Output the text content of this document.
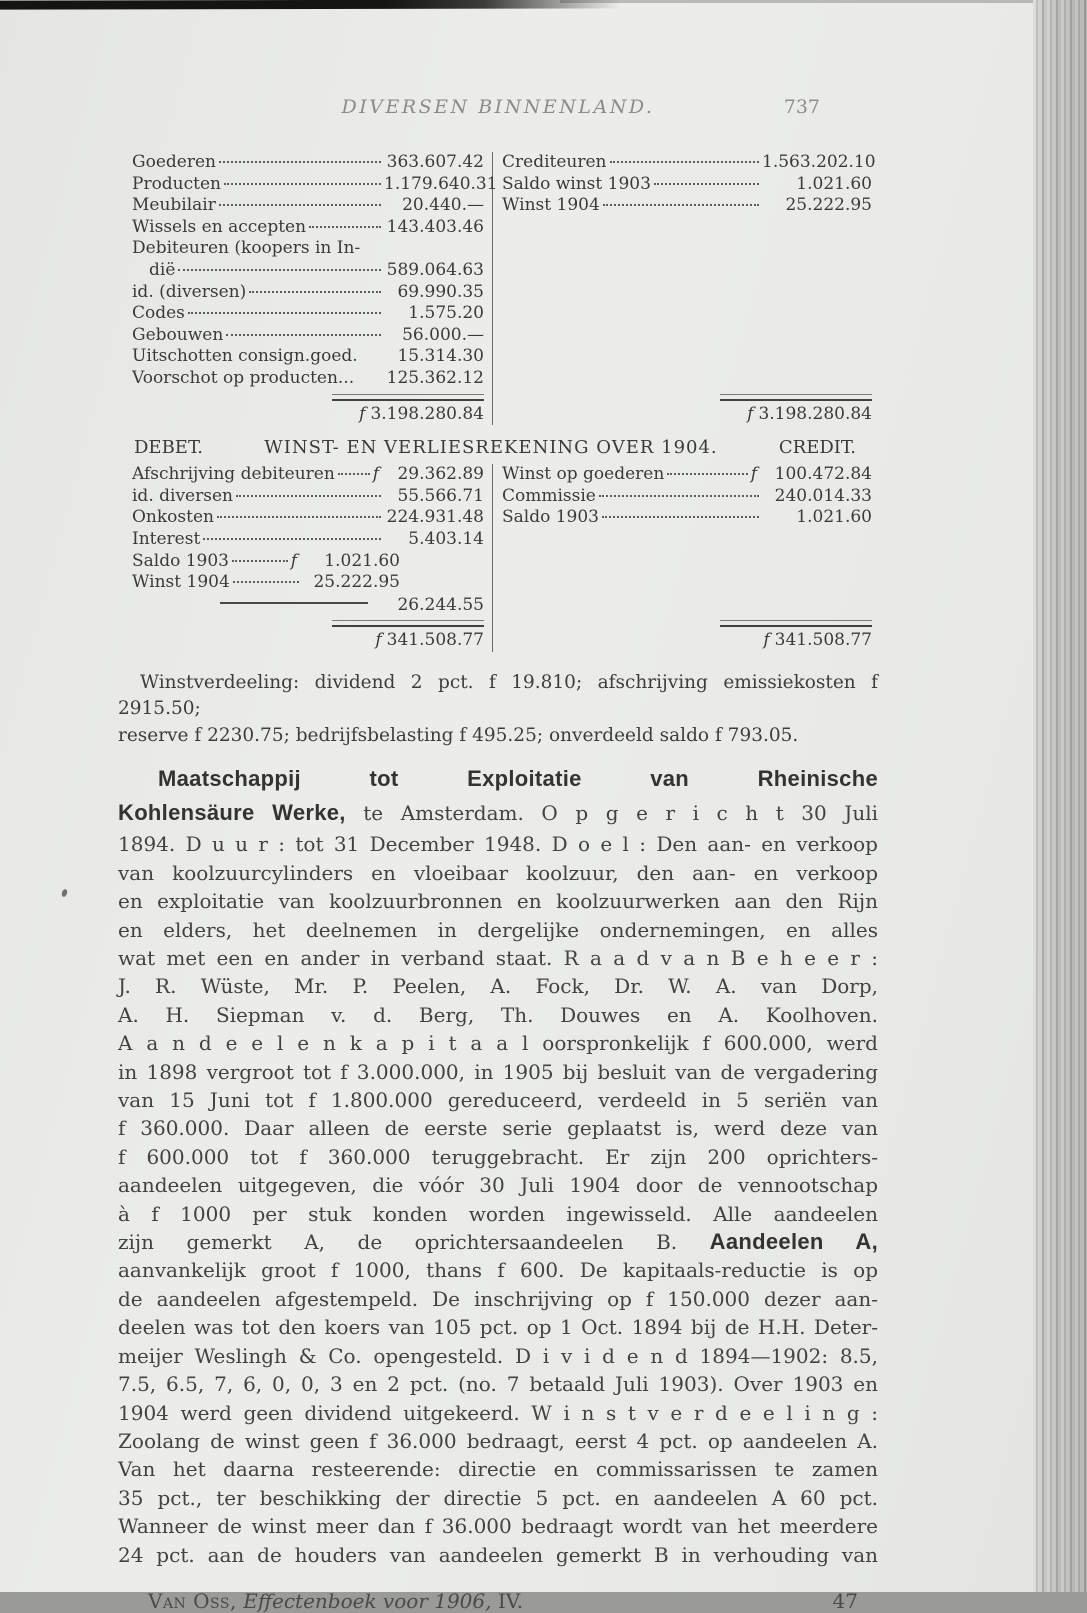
DIVERSEN BINNENLAND.	737
Goederen	363.607.42
Producten	1.179.640.31
Meubilair	20.440.—
Wissels en accepten	143.403.46
Debiteuren (koopers in In-
dië	589.064.63
id. (diversen)	69.990.35
Codes	1.575.20
Gebouwen	56.000.—
Uitschotten consign.goed.	15.314.30
Voorschot op producten... 125.362.12
f 3.198.280.84
Crediteuren	1.563.202.10
Saldo winst 1903	1.021.60
Winst 1904	25.222.95
f 3.198.280.84
DEBET.	WINST- EN VERLIESREKENING OVER 1904.	CREDIT.
Afschrijving debiteuren f	29.362.89
id. diversen	55.566.71
Onkosten	224.931.48
Interest	5.403.14
Saldo 1903	f	1.021.60
Winst 1904	25.222.95
26.244.55
f 341.508.77
Winst op goederen	f	100.472.84
Commissie	240.014.33
Saldo 1903	1.021.60
f 341.508.77
Winstverdeeling: dividend 2 pct. f 19.810; afschrijving emissiekosten f 2915.50;
reserve f 2230.75; bedrijfsbelasting f 495.25; onverdeeld saldo f 793.05.
Maatschappij tot Exploitatie van Rheinische
Kohlensäure Werke, te Amsterdam. O p g e r i c h t 30 Juli
1894. D u u r : tot 31 December 1948. D o e l : Den aan- en verkoop
van koolzuurcylinders en vloeibaar koolzuur, den aan- en verkoop
en exploitatie van koolzuurbronnen en koolzuurwerken aan den Rijn
en elders, het deelnemen in dergelijke ondernemingen, en alles
wat met een en ander in verband staat. R a a d v a n B e h e e r :
J. R. Wüste, Mr. P. Peelen, A. Fock, Dr. W. A. van Dorp,
A. H. Siepman v. d. Berg, Th. Douwes en A. Koolhoven.
A a n d e e l e n k a p i t a a l oorspronkelijk f 600.000, werd
in 1898 vergroot tot f 3.000.000, in 1905 bij besluit van de vergadering
van 15 Juni tot f 1.800.000 gereduceerd, verdeeld in 5 seriën van
f 360.000. Daar alleen de eerste serie geplaatst is, werd deze van
f 600.000 tot f 360.000 teruggebracht. Er zijn 200 oprichters-
aandeelen uitgegeven, die vóór 30 Juli 1904 door de vennootschap
à f 1000 per stuk konden worden ingewisseld. Alle aandeelen
zijn gemerkt A, de oprichtersaandeelen B. Aandeelen A,
aanvankelijk groot f 1000, thans f 600. De kapitaals-reductie is op
de aandeelen afgestempeld. De inschrijving op f 150.000 dezer aan-
deelen was tot den koers van 105 pct. op 1 Oct. 1894 bij de H.H. Deter-
meijer Weslingh & Co. opengesteld. D i v i d e n d 1894—1902: 8.5,
7.5, 6.5, 7, 6, 0, 0, 3 en 2 pct. (no. 7 betaald Juli 1903). Over 1903 en
1904 werd geen dividend uitgekeerd. W i n s t v e r d e e l i n g :
Zoolang de winst geen f 36.000 bedraagt, eerst 4 pct. op aandeelen A.
Van het daarna resteerende: directie en commissarissen te zamen
35 pct., ter beschikking der directie 5 pct. en aandeelen A 60 pct.
Wanneer de winst meer dan f 36.000 bedraagt wordt van het meerdere
24 pct. aan de houders van aandeelen gemerkt B in verhouding van
Van Oss, Effectenboek voor 1906, IV.	47
